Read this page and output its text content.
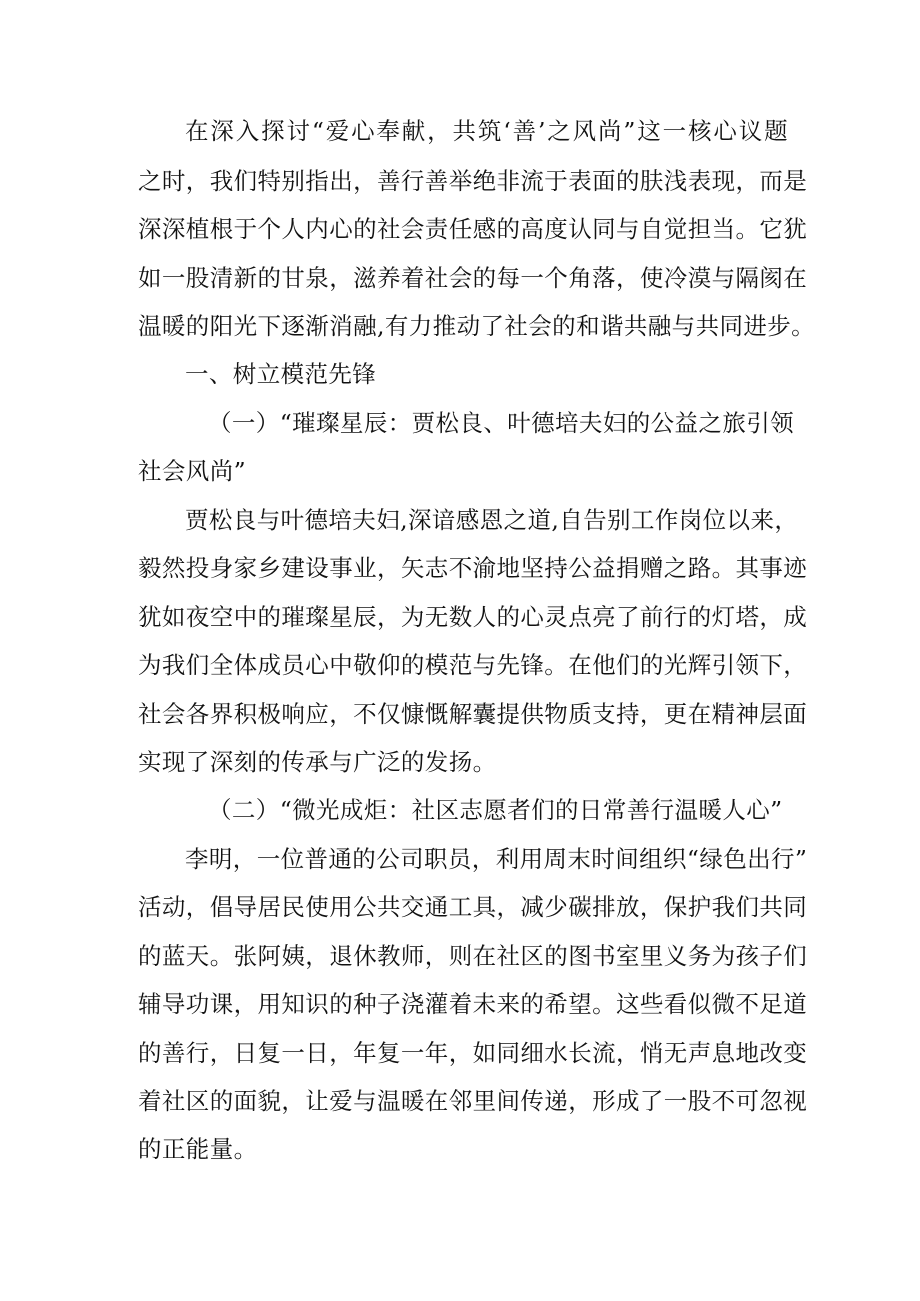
在深入探讨“爱心奉献，共筑‘善’之风尚”这一核心议题
之时，我们特别指出，善行善举绝非流于表面的肤浅表现，而是
深深植根于个人内心的社会责任感的高度认同与自觉担当。它犹
如一股清新的甘泉，滋养着社会的每一个角落，使冷漠与隔阂在
温暖的阳光下逐渐消融,有力推动了社会的和谐共融与共同进步。
一、树立模范先锋
（一）“璀璨星辰：贾松良、叶德培夫妇的公益之旅引领
社会风尚”
贾松良与叶德培夫妇,深谙感恩之道,自告别工作岗位以来，
毅然投身家乡建设事业，矢志不渝地坚持公益捐赠之路。其事迹
犹如夜空中的璀璨星辰，为无数人的心灵点亮了前行的灯塔，成
为我们全体成员心中敬仰的模范与先锋。在他们的光辉引领下，
社会各界积极响应，不仅慷慨解囊提供物质支持，更在精神层面
实现了深刻的传承与广泛的发扬。
（二）“微光成炬：社区志愿者们的日常善行温暖人心”
李明，一位普通的公司职员，利用周末时间组织“绿色出行”
活动，倡导居民使用公共交通工具，减少碳排放，保护我们共同
的蓝天。张阿姨，退休教师，则在社区的图书室里义务为孩子们
辅导功课，用知识的种子浇灌着未来的希望。这些看似微不足道
的善行，日复一日，年复一年，如同细水长流，悄无声息地改变
着社区的面貌，让爱与温暖在邻里间传递，形成了一股不可忽视
的正能量。
